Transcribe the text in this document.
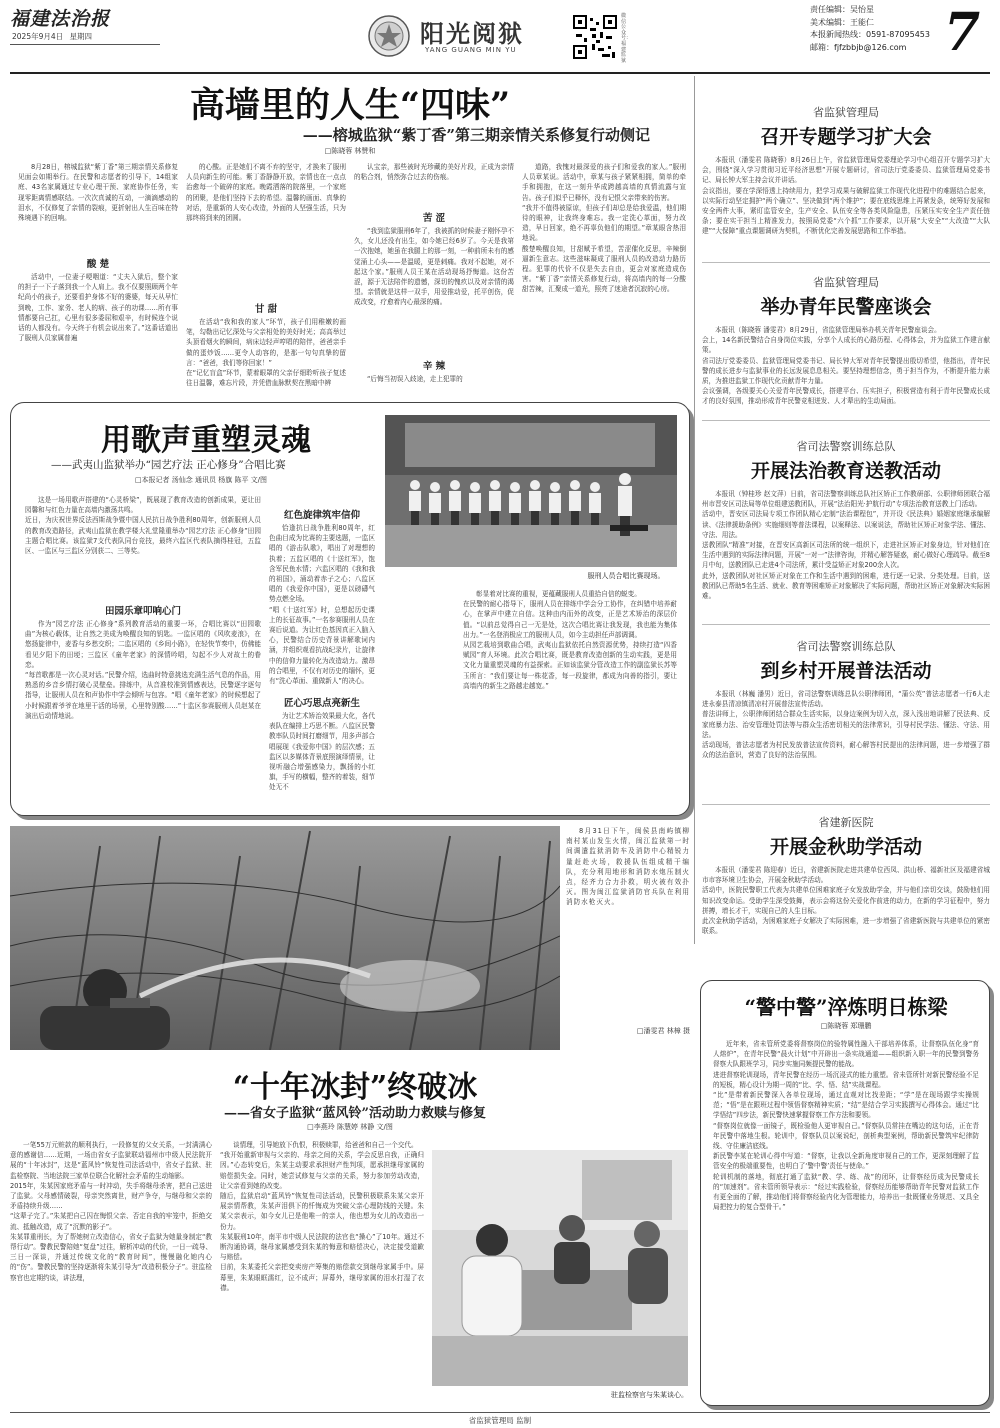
福建法治报
2025年9月4日 星期四	阳光阅狱
YANG GUANG MIN YU
微信公众号：福建监狱
责任编辑：吴怡星
美术编辑：王能仁
本报新闻热线：0591-87095453
邮箱：fjfzbbjb@126.com 7
高墙里的人生“四味”
——榕城监狱“紫丁香”第三期亲情关系修复行动侧记
□陈晓蓉 林赞和
8月28日，榕城监狱“紫丁香”第三期亲情关系修复见面会如期举行。在民警和志愿者的引导下，14组家庭、43名家属通过专业心理干预、家庭协作任务，实现零距离情感联结。一次次真诚的互动，一滴滴感动的泪水，不仅修复了亲情的裂痕，更折射出人生百味在特殊境遇下的回响。
酸 楚
活动中，一位妻子哽咽道：“丈夫入狱后，整个家的担子一下子落到我一个人肩上。我不仅要照顾两个年纪尚小的孩子，还要看护身体不好的婆婆，每天从早忙到晚，工作、家务、老人的病、孩子的功课……所有事情都要自己扛，心里有很多委屈和艰辛，有时候连个说话的人都没有。今天终于有机会说出来了。”这番话道出了服刑人员家属普遍
的心酸。正是她们不离不弃的坚守，才换来了服刑人员向新生的可能。紫丁香静静开放，亲情也在一点点治愈每一个破碎的家庭。晚霞洒落的院落里，一个家庭的团聚，是他们坚持下去的希望。温馨的画面、真挚的对话，是重新的人安心改造，外面的人坚强生活，只为那终将到来的团圆。
甘 甜
在活动“我和我的家人”环节，孩子们用稚嫩的画笔，勾勒出记忆深处与父亲相处的美好时光；高高举过头顶看烟火的瞬间，病床边轻声哼唱的陪伴，爸爸亲手做的蛋炒饭……更令人动容的，是那一句句真挚的留言：“爸爸，我们等你回家！”
在“记忆盲盒”环节，蒙着眼罩的父亲仔细聆听孩子复述往日温馨，难忘片段，并凭借血脉默契在黑暗中辨
认宝亲，那些被时光珍藏的美好片段，正成为亲情的粘合剂，悄然弥合过去的伤痕。
苦 涩
“我到监狱服刑6年了，我被抓的时候妻子刚怀孕不久，女儿还没有出生，如今她已经6岁了。今天是我第一次抱她，她虽在我腿上的那一刻，一种前所未有的感觉涌上心头——是温暖，更是刺痛。我对不起她，对不起这个家。”服刑人员王某在活动现场抒悔道。这份苦涩，源于无法陪伴的遗憾，深切的愧疚以及对亲情的渴望。亲情就是这样一双手，用爱推动爱，托平创伤，促成改变，疗愈着内心最深的痛。
辛 辣
“后悔当初误入歧途，走上犯罪的
道路，我愧对最深爱的孩子们和爱我的家人。”服刑人员章某说。活动中，章某与孩子紧紧相拥，简单的牵手和拥抱，在这一刻升华成跨越高墙的真情流露与宣告。孩子们似乎已释怀，没有记恨父亲带来的伤害。
“我并不值得被原谅，但孩子们却总是给我爱温，他们期待的眼神，让我终身难忘。我一定洗心革面，努力改造，早日回家，绝不再辜负他们的期望。”章某眼含热泪地说。
酸楚唤醒良知，甘甜赋予希望，苦涩催化反思，辛辣倒逼新生意志。这些滋味凝成了服刑人员的改造动力路历程。犯罪的代价不仅是失去自由，更会对家庭造成伤害。“紫丁香”亲情关系修复行动，将高墙内的每一分酸甜苦辣，汇聚成一道光，照亮了迷途者沉寂的心房。
省监狱管理局
召开专题学习扩大会
本报讯（潘雯君 陈晓蓉）8月26日上午，省监狱管理局党委理论学习中心组召开专题学习扩大会，围绕“深入学习贯彻习近平经济思想”开展专题研讨，省司法厅党委委员、监狱管理局党委书记、局长钟大军主持会议并讲话。
会议指出，要在学深悟透上持续用力，把学习成果与破解监狱工作现代化进程中的难题结合起来，以实际行动坚定拥护“两个确立”、坚决做到“两个维护”；要在底线思维上再紧发条，统筹好发展和安全两件大事，紧盯监管安全，生产安全、队伍安全等各类风险隐患，压紧压实安全生产责任链条；要在实干担当上精准发力，按照局党委“六个抓”工作要求，以开展“大安全”“大改造”“大队建”“大保障”重点课题调研为契机，不断优化完善发展思路和工作举措。
省监狱管理局
举办青年民警座谈会
本报讯（陈晓蓉 潘雯君）8月29日，省监狱管理局举办机关青年民警座谈会。
会上，14名新民警结合自身岗位实践，分享个人成长的心路历程、心得体会，并为监狱工作建言献策。
省司法厅党委委员、监狱管理局党委书记、局长钟大军对青年民警提出殷切希望，他指出，青年民警的成长进步与监狱事业的长远发展息息相关。要坚持理想信念，勇于担当作为，不断提升能力素质，为推进监狱工作现代化贡献青年力量。
会议强调，各级要关心关爱青年民警成长，搭建平台、压实担子，积极营造有利于青年民警成长成才的良好氛围，推动形成青年民警竞相迸发、人才辈出的生动局面。
省司法警察训练总队
开展法治教育送教活动
本报讯（钟桂珍 赵文萍）日前，省司法警察训练总队社区矫正工作教研部、公职律师团联合福州市晋安区司法局等单位组建送教团队，开展“法治阳光·护航行动”专项法治教育送教上门活动。
活动中，晋安区司法局专项工作团队精心定制“法治课程包”，并开设《民法典》婚姻家庭继承编解读、《法律援助条例》实施细则等普法课程，以案释法、以案说法，帮助社区矫正对象学法、懂法、守法、用法。
送教团队“精准”对接，在晋安区高新区司法所的统一组织下，走进社区矫正对象身边，针对他们在生活中遇到的实际法律问题，开展“一对一”法律咨询，并精心解答疑惑，耐心做好心理疏导。截至8月中旬，送教团队已走进4个司法所，累计受益矫正对象200余人次。
此外，送教团队对社区矫正对象在工作和生活中遇到的困难，进行逐一记录、分类处理。目前，送教团队已帮助5名生活、就业、教育等困难矫正对象解决了实际问题，帮助社区矫正对象解决实际困难。
省司法警察训练总队
到乡村开展普法活动
本报讯（林巍 潘男）近日，省司法警察训练总队公职律师团，“蒲公英”普法志愿者一行6人走进永泰县清凉镇清凉村开展普法宣传活动。
普法讲师上，公职律师团结合群众生活实际，以身边案例为切入点，深入浅出地讲解了民法典、反家庭暴力法、治安管理处罚法等与群众生活密切相关的法律常识，引导村民学法、懂法、守法、用法。
活动现场，普法志愿者为村民发放普法宣传资料，耐心解答村民提出的法律问题，进一步增强了群众的法治意识，营造了良好的法治氛围。
省建新医院
开展金秋助学活动
本报讯（潘雯君 陈迎春）近日，省建新医院走进共建单位西凤、洪山桥、福新社区及福建省城市市容环境卫生协会，开展金秋助学活动。
活动中，医院民警职工代表为共建单位困难家庭子女发放助学金，并与他们亲切交谈，鼓励他们用知识改变命运。受助学生深受鼓舞，表示会将这份关爱化作前进的动力，在新的学习征程中，努力拼搏，增长才干，实现自己的人生目标。
此次金秋助学活动，为困难家庭子女解决了实际困难，进一步增强了省建新医院与共建单位的紧密联系。
用歌声重塑灵魂
——武夷山监狱举办“园艺疗法 正心修身”合唱比赛
□本报记者 汤仙念 通讯员 杨旗 陈平 文/图
服刑人员合唱比赛现场。
这是一场用歌声搭建的“心灵桥梁”，既展现了教育改造的创新成果，更让田园馨和与红色力量在高墙内激荡共鸣。
近日，为庆祝世界反法西斯战争暨中国人民抗日战争胜利80周年，创新服刑人员的教育改造路径，武夷山监狱在教学楼大礼堂隆重举办“园艺疗法 正心修身”田园主题合唱比赛。该监狱7支代表队同台竞技，最终六监区代表队摘得桂冠，五监区、一监区与三监区分别获二、三等奖。
田园乐章叩响心门
作为“园艺疗法 正心修身”系列教育活动的重要一环，合唱比赛以“田园歌曲”为核心载体，让自然之美成为唤醒良知的钥匙。一监区唱的《风吹麦浪》，在悠扬旋律中，麦香与乡愁交织；二监区唱的《乡间小路》，在轻快节奏中，仿佛能看见夕阳下的田埂；三监区《童年老家》的深情吟唱，勾起不少人对故土的眷恋。
“每首歌都是一次心灵对话。”民警介绍，选曲时特意挑选充满生活气息的作品，用熟悉的乡音乡情打破心灵壁垒。排练中，从音准校准到情感表达，民警逐字逐句指导，让服刑人员在和声协作中学会倾听与包容。“唱《童年老家》的时候想起了小时候跟着爷爷在地里干活的场景，心里特别酸……”十监区参赛服刑人员赵某在演出后动情地说。
红色旋律筑牢信仰
恰逢抗日战争胜利80周年，红色曲目成为比赛的主要选题，一监区唱的《游击队歌》，唱出了对理想的执着；五监区唱的《十送红军》，饱含军民鱼水情；六监区唱的《我和我的祖国》，涌动着赤子之心；八监区唱的《我爱你中国》，更是以磅礴气势点燃全场。
“唱《十送红军》时，总想起历史课上的长征故事。”一名参赛服刑人员在赛后说道。为让红色基因真正入脑入心，民警结合历史背景讲解歌词内涵，并组织观看抗战纪录片，让旋律中的信仰力量转化为改造动力。激昂的合唱里，不仅有对历史的缅怀，更有“洗心革面、重做新人”的决心。
匠心巧思点亮新生
为让艺术矫治效果最大化，各代表队在编排上巧思不断。八监区民警教率队员时间打磨细节，用多声部合唱展现《我爱你中国》的层次感；五监区以多媒体背景底照演绎情景，让视听融合增强感染力，飘扬的小红旗，手写的横幅，整齐的着装，细节处无不
彰显着对比赛的重视，更蕴藏服刑人员重拾自信的蜕变。
在民警的耐心指导下，服刑人员在排练中学会分工协作，在纠错中培养耐心，在掌声中建立自信。这种由内而外的改变，正是艺术矫治的深层价值。“以前总觉得自己一无是处，这次合唱比赛让我发现，我也能为集体出力。”一名登消极应工的服刑人员，如今主动担任声部调调。
从园艺栽培到歌曲合唱，武夷山监狱依托自然资源优势，持续打造“四香赋园”育人环境。此次合唱比赛，既是教育改造创新的生动实践，更是用文化力量重塑灵魂的有益探索。正如该监狱分管改造工作的副监狱长苏等玉所言：“我们要让每一株花香，每一段旋律，都成为向善的指引，要让高墙内的新生之路越走越宽。”
8月31日下午，闽侯县南屿镇柳南村某山发生火情，闽江监狱第一时间调遣监狱消防车及消防中心精锐力量赶赴火场，救援队伍组成精干编队，充分利用地形和消防水炮压制火点，经齐力合力扑救，明火被有效扑灭。图为闽江监狱消防官兵队在利用消防水枪灭火。
□潘雯君 林樟 摄
“十年冰封”终破冰
——省女子监狱“蓝风铃”活动助力救赎与修复
□李燕玲 陈慧婷 林静 文/图
一笔55万元赃款的顺利执行，一段修复的父女关系，一封满满心意的感谢信……近期，一场由省女子监狱联动福州市中级人民法院开展的“十年冰封”，这是“蓝风铃”恢复性司法活动中，省女子监狱、驻监检察院、当地法院三家单位联合化解社会矛盾的生动缩影。
2015年，朱某因家庭矛盾与一时冲动，失手将继母杀害，把自己送进了监狱。父母感情破裂，母亲突然离世，财产争夺，与继母和父亲的矛盾持续升级……
“这辈子完了。”朱某把自己囚在悔恨父亲、否定自我的牢笼中，拒绝交流、抵触改造，成了“沉默的影子”。
朱某罪重刑长，为了帮她树立改造信心，省女子监狱为她量身制定“教帮行动”。警教民警陪她“复盘”过往，解析冲动的代价，一日一疏导、三日一深谈，并通过传统文化的“教育时间”，慢慢融化她内心的“伤”。警教民警的坚持逐渐将朱某引导为“改造积极分子”。驻监检察官也定期约谈，讲法理，
谈情理，引导她放下仇恨，积极赎罪，给爸爸和自己一个交代。
“我开始重新审视与父亲的、母亲之间的关系，学会反思自我，正确归因。”心态转变后，朱某主动要求承担财产性判项，愿承担继母家属的赔偿损失金。同时，她尝试修复与父亲的关系，努力参加劳动改造，让父亲看到她的改变。
随后，监狱启动“蓝风铃”恢复性司法活动，民警积极联系朱某父亲开展亲情帮教，朱某声泪俱下的忏悔成为突破父亲心理防线的关键。朱某父亲表示，如今女儿已是他唯一的亲人，他也想为女儿的改造出一份力。
朱某服刑10年，南平市中级人民法院的法官也“操心”了10年。通过不断沟通协调，继母家属感受到朱某的悔意和赔偿决心，决定接受道歉与赔偿。
目前，朱某委托父亲把变卖房产筹集的赔偿款交到继母家属手中。屏幕里，朱某眼眶濡红，泣不成声；屏幕外，继母家属的泪水打湿了衣襟。
驻监检察官与朱某谈心。
“警中警”淬炼明日栋梁
□陈晓蓉 郑珊鹏
近年来，省未管所党委将督察岗位的验特属性融入干部培养体系，让督察队伍化身“育人熔炉”，在青年民警“晨火计划”中开辟出一条实战通道——组织新入职一年的民警到警务督察大队跟班学习，同步实施同频提民警的能战。
进进督察轮训现场，青年民警在经历一场沉浸式的能力重塑。省未管所针对新民警经验不足的短板，精心设计为期一周的“比、学、悟、结”实战课程。
“比”是带着新民警深入各单位现场，通过直观对比找差距；“学”是在现场跟学实操规范；“悟”是在跟班过程中领悟督察精神实质；“结”是结合学习实践撰写心得体会。通过“比学悟结”四步法，新民警快速掌握督察工作方法和要领。
“督察岗位就像一面镜子，既检验他人更审视自己。”督察队员常挂在嘴边的这句话，正在青年民警中落地生根。轮训中，督察队员以案说纪，剖析典型案例，帮助新民警筑牢纪律防线、守住廉洁底线。
新民警李某在轮训心得中写道：“督察，让我以全新角度审视自己的工作，更深刻理解了监管安全的极端重要性，也明白了‘警中警’责任与使命。”
轮训机制的落地，彻底打通了监狱“教、学、练、战”的闭环，让督察经历成为民警成长的“加速剂”。省未管所领导表示：“经过实践检验，督察经历能够帮助青年民警对监狱工作有更全面的了解，推动他们将督察经验内化为管理能力，培养出一批既懂业务规范、又具全局把控力的复合型骨干。”
省监狱管理局 监制
